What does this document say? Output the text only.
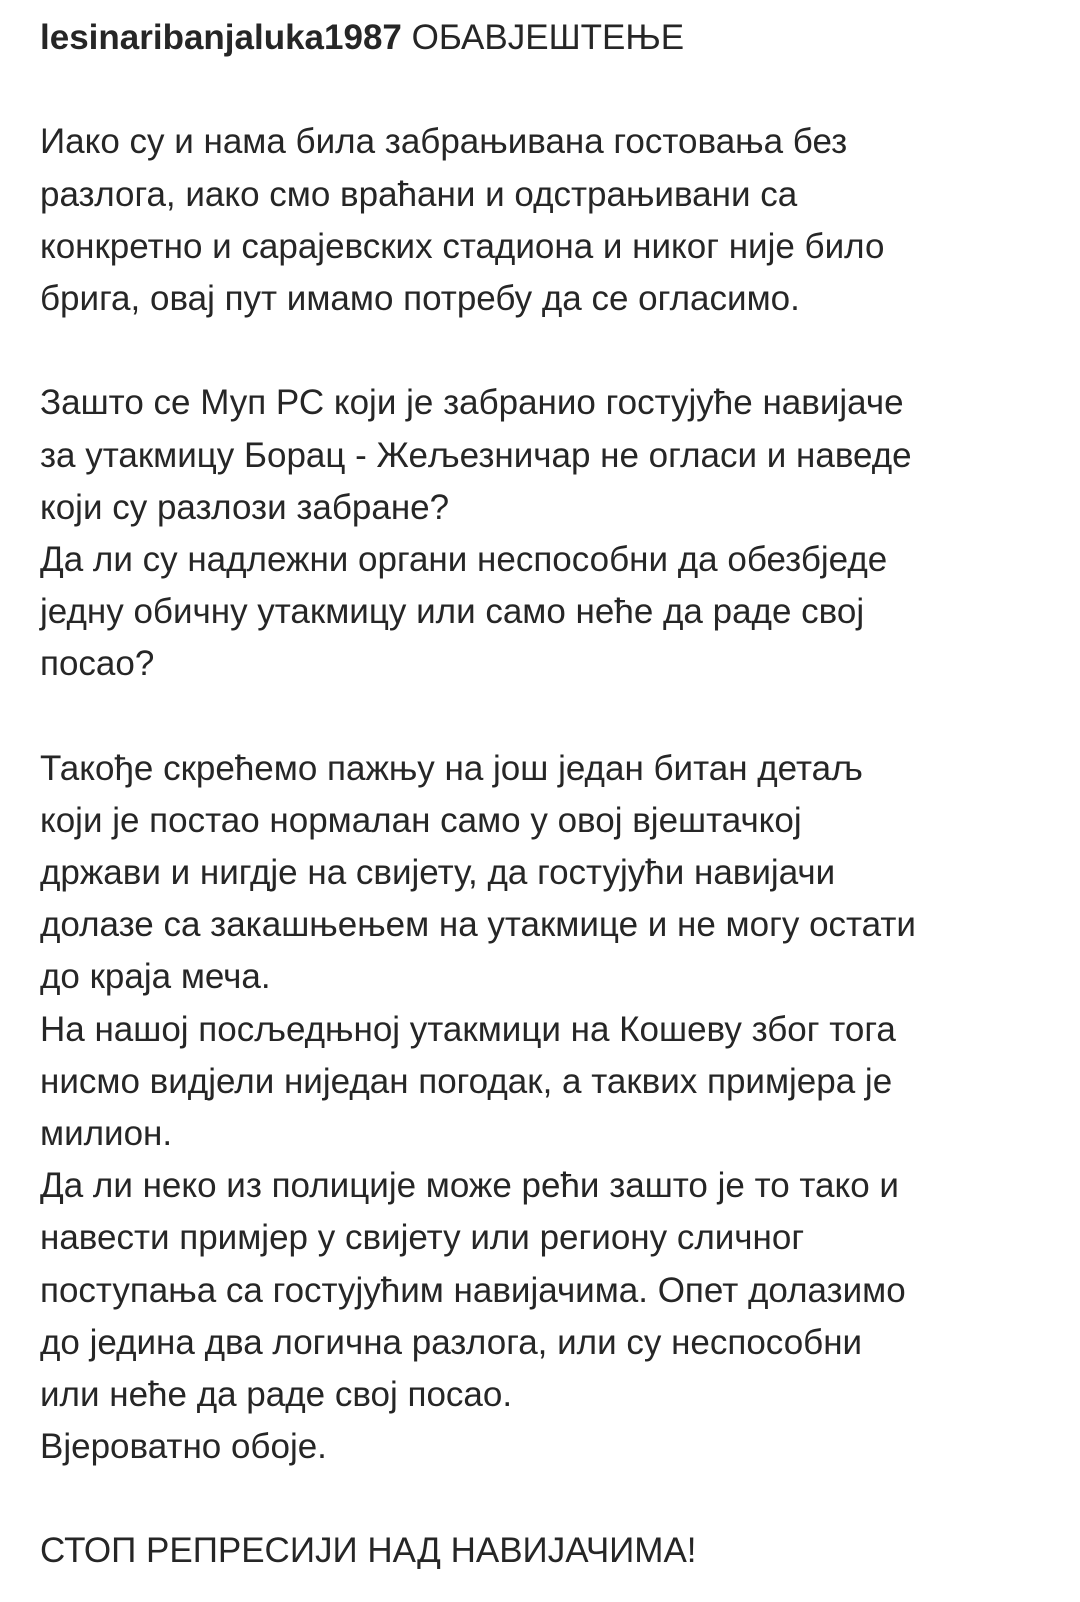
lesinaribanjaluka1987 ОБАВЈЕШТЕЊЕ
Иако су и нама била забрањивана гостовања без
разлога, иако смо враћани и одстрањивани са
конкретно и сарајевских стадиона и никог није било
брига, овај пут имамо потребу да се огласимо.
Зашто се Муп РС који је забранио гостујуће навијаче
за утакмицу Борац - Жељезничар не огласи и наведе
који су разлози забране?
Да ли су надлежни органи неспособни да обезбједе
једну обичну утакмицу или само неће да раде свој
посао?
Такође скрећемо пажњу на још један битан детаљ
који је постао нормалан само у овој вјештачкој
држави и нигдје на свијету, да гостујући навијачи
долазе са закашњењем на утакмице и не могу остати
до краја меча.
На нашој посљедњној утакмици на Кошеву због тога
нисмо видјели ниједан погодак, а таквих примјера је
милион.
Да ли неко из полиције може рећи зашто је то тако и
навести примјер у свијету или региону сличног
поступања са гостујућим навијачима. Опет долазимо
до једина два логична разлога, или су неспособни
или неће да раде свој посао.
Вјероватно обоје.
СТОП РЕПРЕСИЈИ НАД НАВИЈАЧИМА!
